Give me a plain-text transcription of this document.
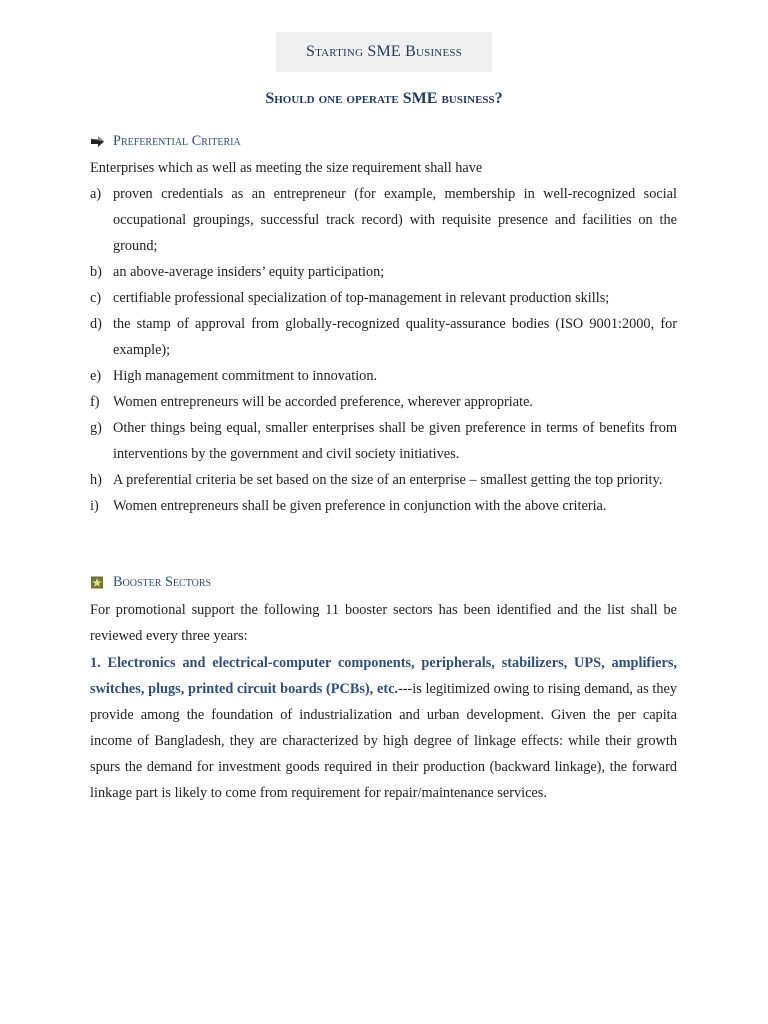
Starting SME Business
Should one operate SME business?
Preferential Criteria
Enterprises which as well as meeting the size requirement shall have
a) proven credentials as an entrepreneur (for example, membership in well-recognized social occupational groupings, successful track record) with requisite presence and facilities on the ground;
b) an above-average insiders’ equity participation;
c) certifiable professional specialization of top-management in relevant production skills;
d) the stamp of approval from globally-recognized quality-assurance bodies (ISO 9001:2000, for example);
e) High management commitment to innovation.
f) Women entrepreneurs will be accorded preference, wherever appropriate.
g) Other things being equal, smaller enterprises shall be given preference in terms of benefits from interventions by the government and civil society initiatives.
h) A preferential criteria be set based on the size of an enterprise – smallest getting the top priority.
i) Women entrepreneurs shall be given preference in conjunction with the above criteria.
Booster Sectors
For promotional support the following 11 booster sectors has been identified and the list shall be reviewed every three years:
1. Electronics and electrical-computer components, peripherals, stabilizers, UPS, amplifiers, switches, plugs, printed circuit boards (PCBs), etc.---is legitimized owing to rising demand, as they provide among the foundation of industrialization and urban development. Given the per capita income of Bangladesh, they are characterized by high degree of linkage effects: while their growth spurs the demand for investment goods required in their production (backward linkage), the forward linkage part is likely to come from requirement for repair/maintenance services.
